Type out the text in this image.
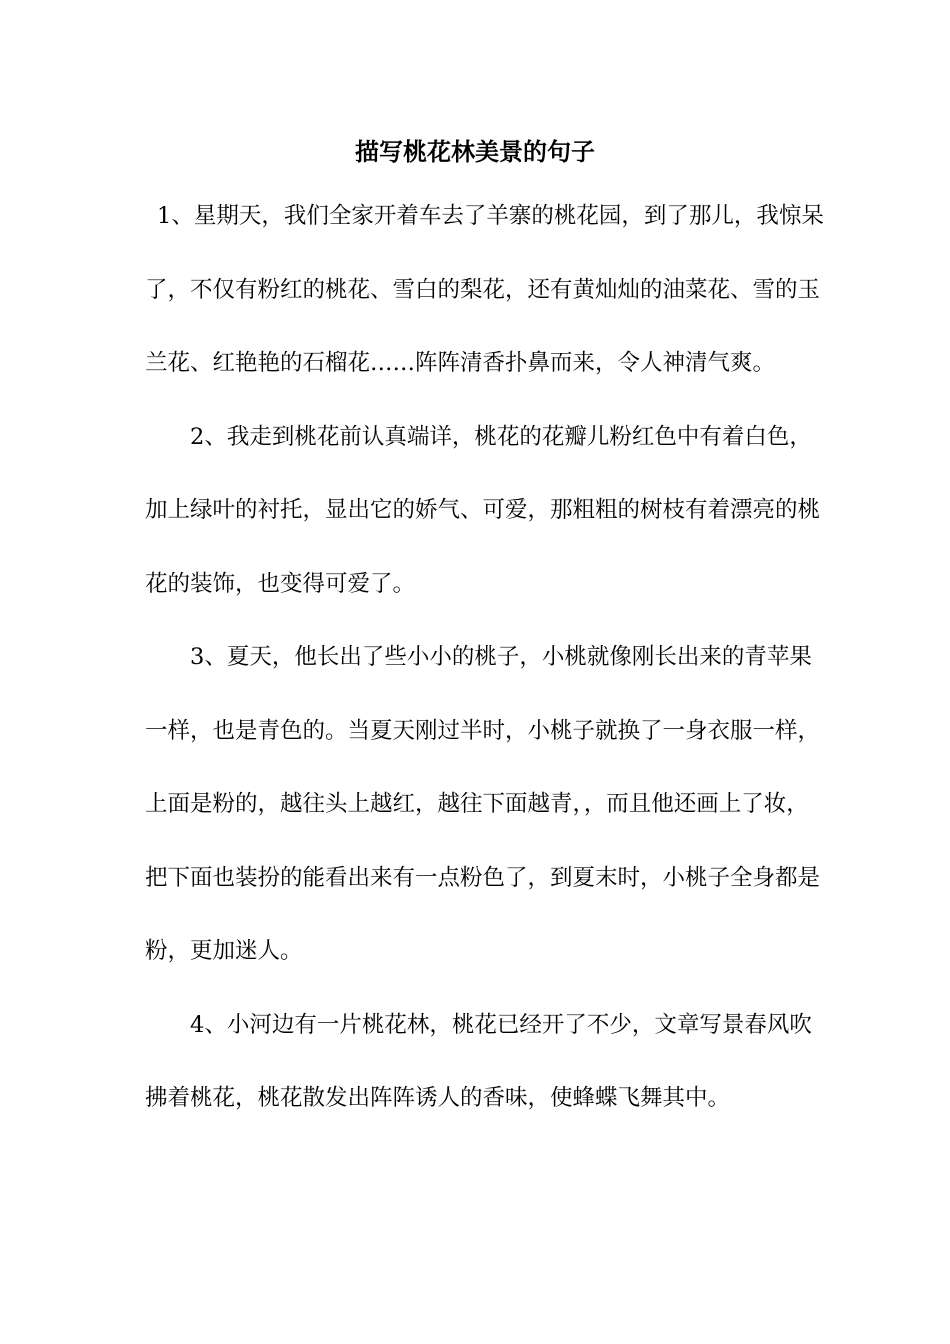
描写桃花林美景的句子

1、星期天，我们全家开着车去了羊寨的桃花园，到了那儿，我惊呆了，不仅有粉红的桃花、雪白的梨花，还有黄灿灿的油菜花、雪的玉兰花、红艳艳的石榴花……阵阵清香扑鼻而来，令人神清气爽。

2、我走到桃花前认真端详，桃花的花瓣儿粉红色中有着白色，加上绿叶的衬托，显出它的娇气、可爱，那粗粗的树枝有着漂亮的桃花的装饰，也变得可爱了。

3、夏天，他长出了些小小的桃子，小桃就像刚长出来的青苹果一样，也是青色的。当夏天刚过半时，小桃子就换了一身衣服一样，上面是粉的，越往头上越红，越往下面越青，，而且他还画上了妆，把下面也装扮的能看出来有一点粉色了，到夏末时，小桃子全身都是粉，更加迷人。

4、小河边有一片桃花林，桃花已经开了不少，文章写景春风吹拂着桃花，桃花散发出阵阵诱人的香味，使蜂蝶飞舞其中。
